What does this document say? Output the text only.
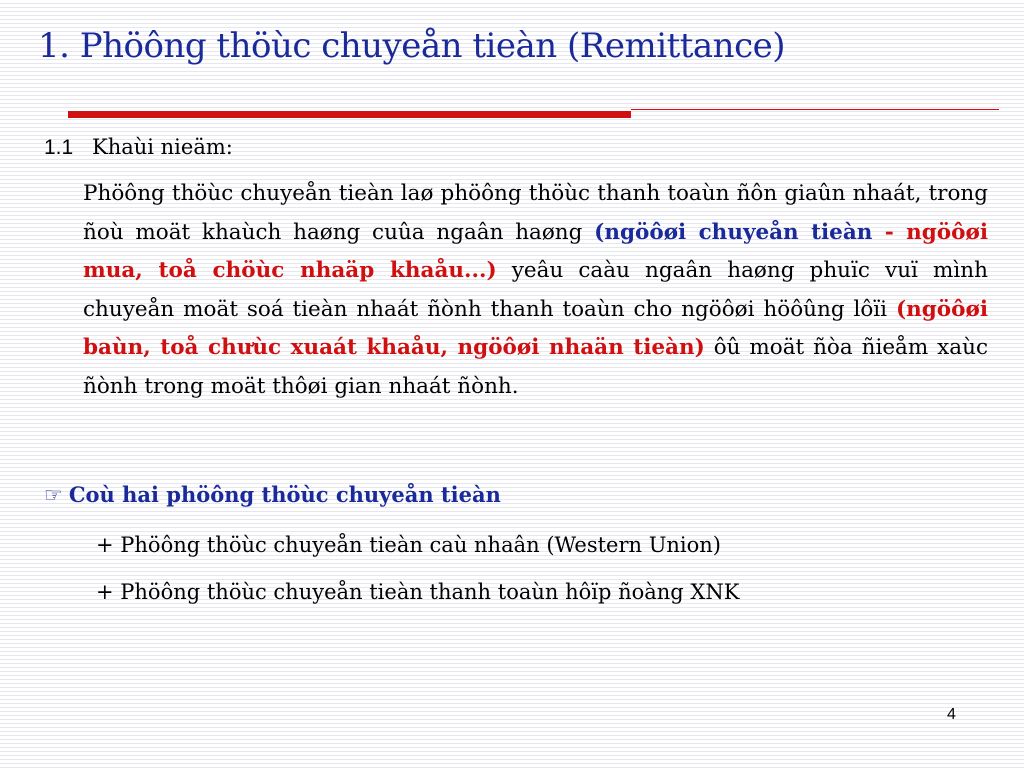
1. Phöông thöùc chuyeån tieàn (Remittance)
1.1 Khaùi nieäm:
Phöông thöùc chuyeån tieàn laø phöông thöùc thanh toaùn ñôn giaûn nhaát, trong ñoù moät khaùch haøng cuûa ngaân haøng (ngöôøi chuyeån tieàn - ngöôøi mua, toå chöùc nhaäp khaåu...) yeâu caàu ngaân haøng phuïc vuï mình chuyeån moät soá tieàn nhaát ñònh thanh toaùn cho ngöôøi höôûng lôïi (ngöôøi baùn, toå chưùc xuaát khaåu, ngöôøi nhaän tieàn) ôû moät ñòa ñieåm xaùc ñònh trong moät thôøi gian nhaát ñònh.
☞ Coù hai phöông thöùc chuyeån tieàn
+ Phöông thöùc chuyeån tieàn caù nhaân (Western Union)
+ Phöông thöùc chuyeån tieàn thanh toaùn hôïp ñoàng XNK
4
